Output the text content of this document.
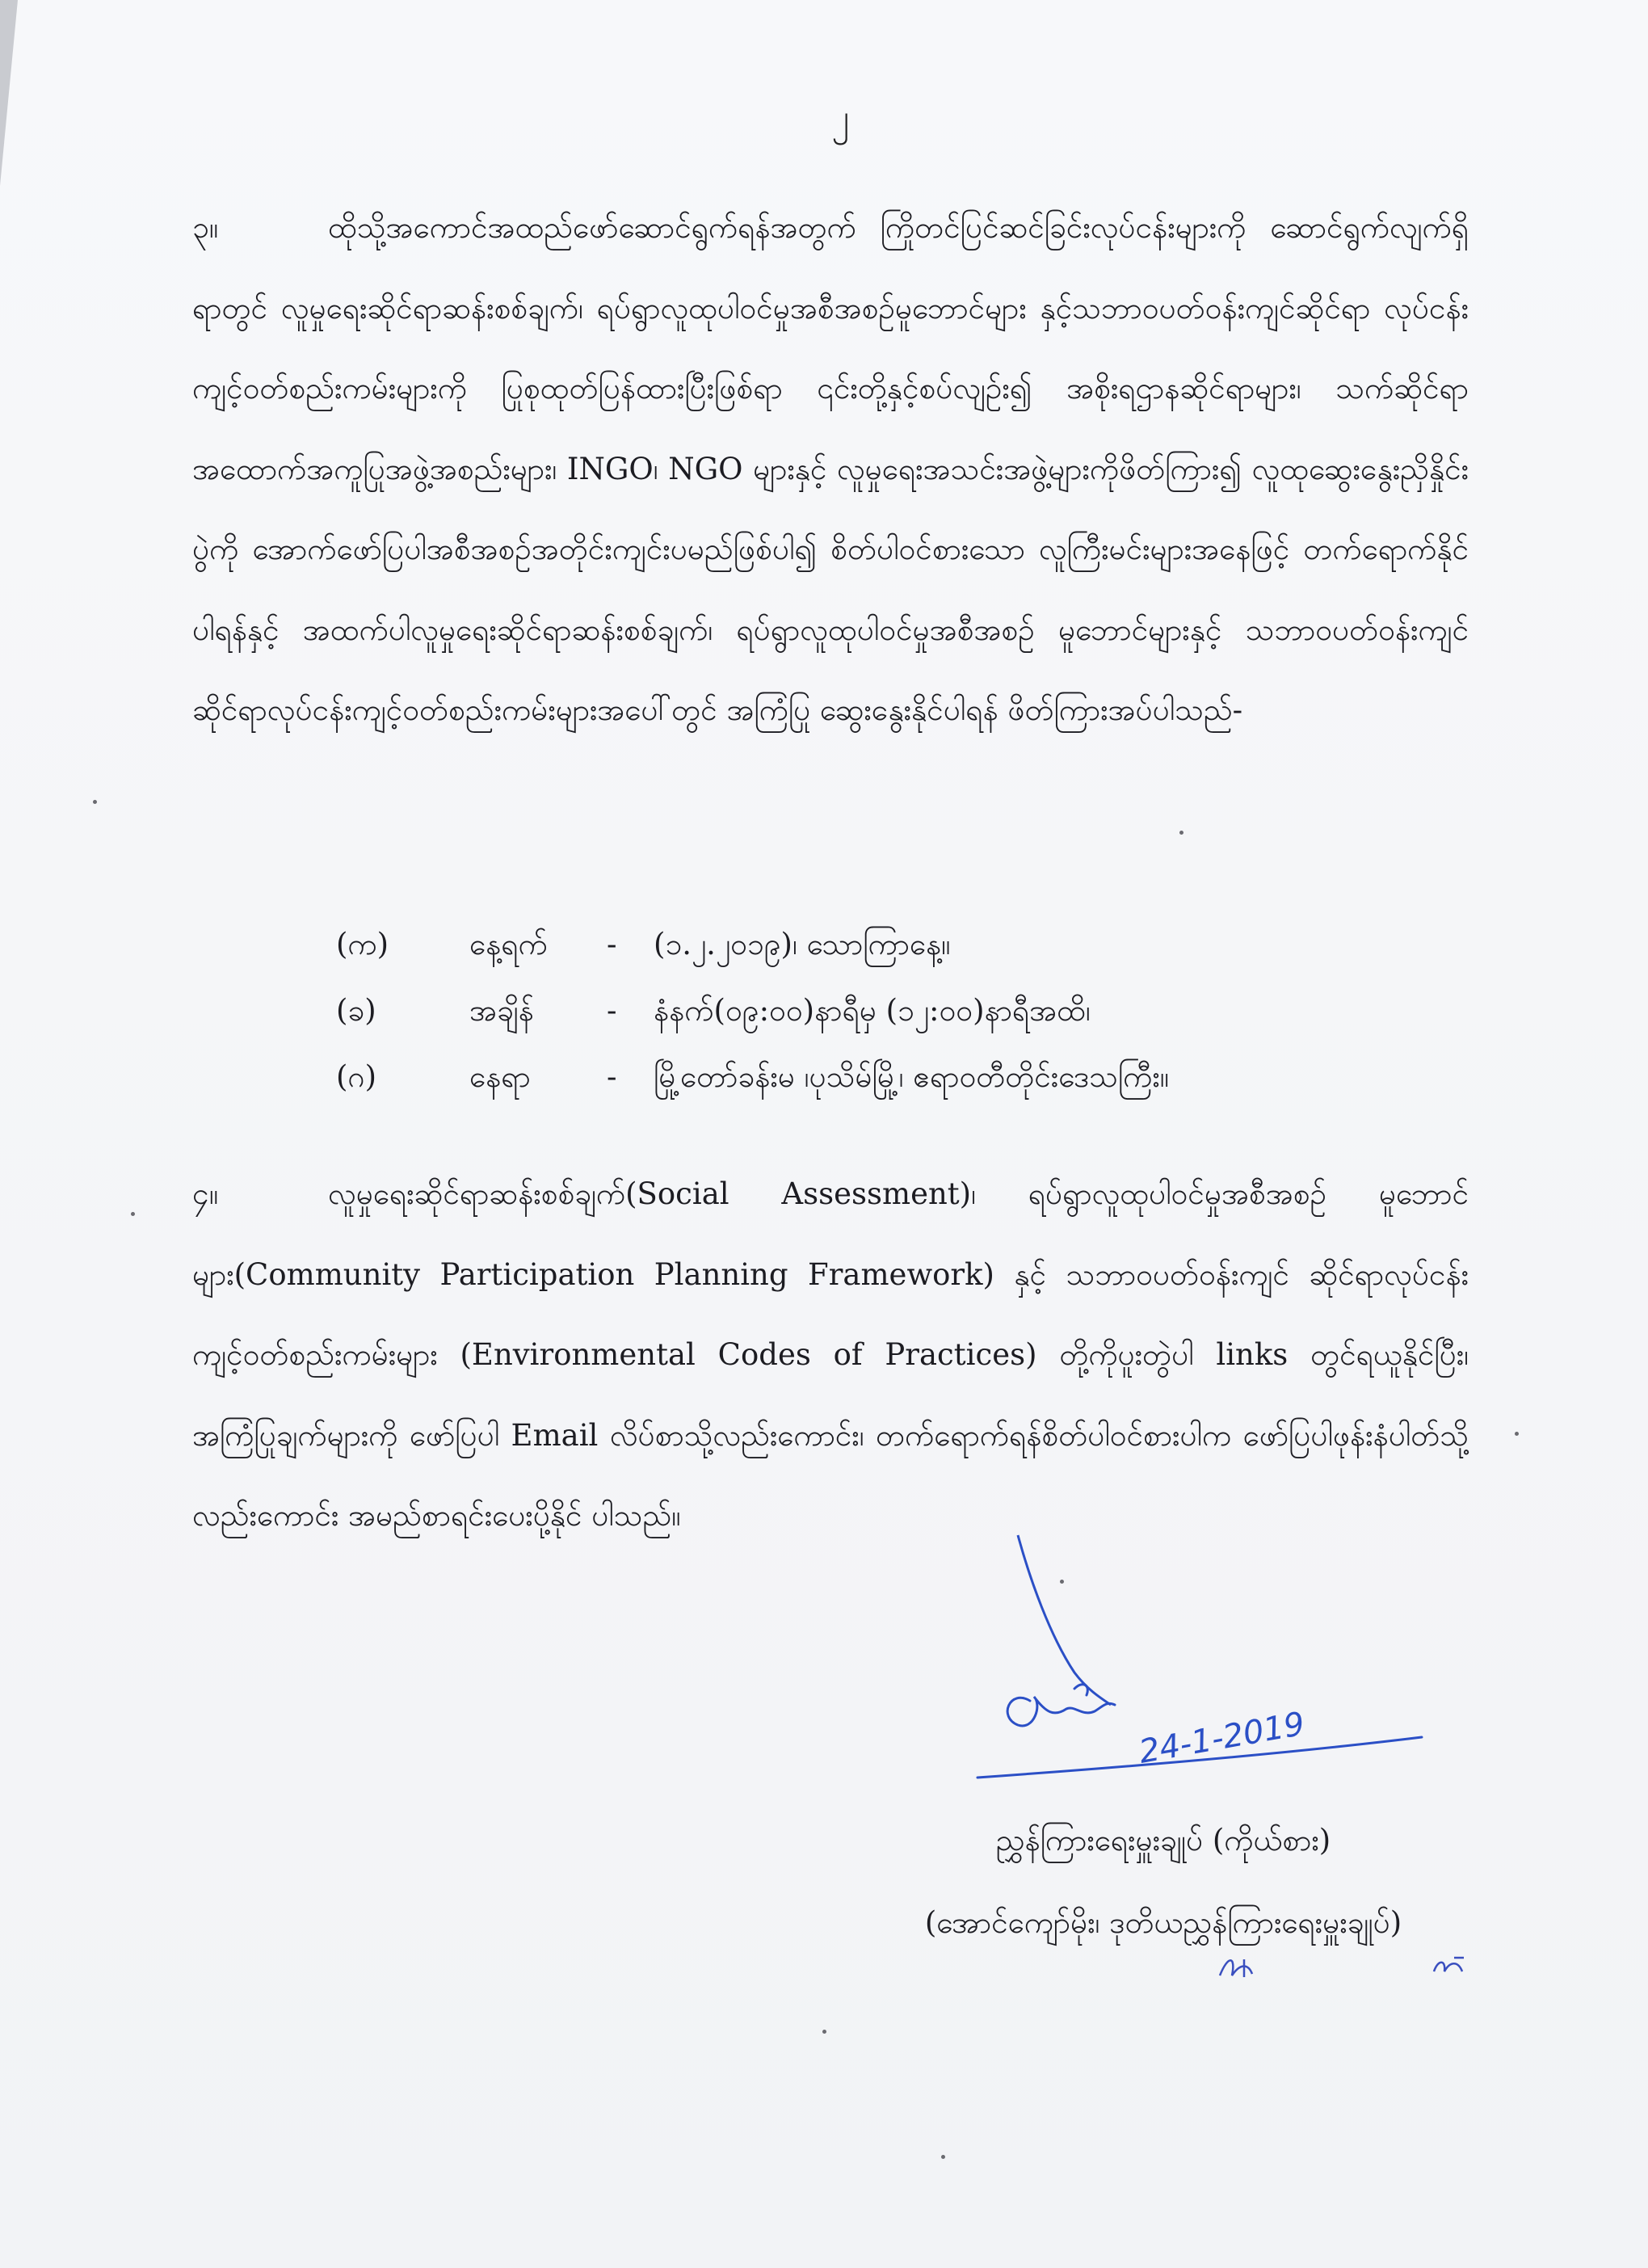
၂
၃။	ထိုသို့အကောင်အထည်ဖော်ဆောင်ရွက်ရန်အတွက် ကြိုတင်ပြင်ဆင်ခြင်းလုပ်ငန်းများကို ဆောင်ရွက်လျက်ရှိရာတွင် လူမှုရေးဆိုင်ရာဆန်းစစ်ချက်၊ ရပ်ရွာလူထုပါဝင်မှုအစီအစဉ်မူဘောင်များ နှင့်သဘာဝပတ်ဝန်းကျင်ဆိုင်ရာ လုပ်ငန်းကျင့်ဝတ်စည်းကမ်းများကို ပြုစုထုတ်ပြန်ထားပြီးဖြစ်ရာ ၎င်းတို့နှင့်စပ်လျဉ်း၍ အစိုးရဌာနဆိုင်ရာများ၊ သက်ဆိုင်ရာအထောက်အကူပြုအဖွဲ့အစည်းများ၊ INGO၊ NGO များနှင့် လူမှုရေးအသင်းအဖွဲ့များကိုဖိတ်ကြား၍ လူထုဆွေးနွေးညှိနှိုင်းပွဲကို အောက်ဖော်ပြပါအစီအစဉ်အတိုင်းကျင်းပမည်ဖြစ်ပါ၍ စိတ်ပါဝင်စားသော လူကြီးမင်းများအနေဖြင့် တက်ရောက်နိုင်ပါရန်နှင့် အထက်ပါလူမှုရေးဆိုင်ရာဆန်းစစ်ချက်၊ ရပ်ရွာလူထုပါဝင်မှုအစီအစဉ် မူဘောင်များနှင့် သဘာဝပတ်ဝန်းကျင်ဆိုင်ရာလုပ်ငန်းကျင့်ဝတ်စည်းကမ်းများအပေါ်တွင် အကြံပြု ဆွေးနွေးနိုင်ပါရန် ဖိတ်ကြားအပ်ပါသည်-
(က)	နေ့ရက် - (၁.၂.၂၀၁၉)၊ သောကြာနေ့။
(ခ)	အချိန် - နံနက်(၀၉:၀၀)နာရီမှ (၁၂:၀၀)နာရီအထိ၊
(ဂ)	နေရာ	- မြို့တော်ခန်းမ ၊ပုသိမ်မြို့၊ ဧရာဝတီတိုင်းဒေသကြီး။
၄။	လူမှုရေးဆိုင်ရာဆန်းစစ်ချက်(Social Assessment)၊ ရပ်ရွာလူထုပါဝင်မှုအစီအစဉ် မူဘောင်များ(Community Participation Planning Framework) နှင့် သဘာဝပတ်ဝန်းကျင် ဆိုင်ရာလုပ်ငန်းကျင့်ဝတ်စည်းကမ်းများ (Environmental Codes of Practices) တို့ကိုပူးတွဲပါ links တွင်ရယူနိုင်ပြီး၊ အကြံပြုချက်များကို ဖော်ပြပါ Email လိပ်စာသို့လည်းကောင်း၊ တက်ရောက်ရန်စိတ်ပါဝင်စားပါက ဖော်ပြပါဖုန်းနံပါတ်သို့လည်းကောင်း အမည်စာရင်းပေးပို့နိုင် ပါသည်။
24-1-2019
ညွှန်ကြားရေးမှူးချုပ် (ကိုယ်စား)
(အောင်ကျော်မိုး၊ ဒုတိယညွှန်ကြားရေးမှူးချုပ်)
